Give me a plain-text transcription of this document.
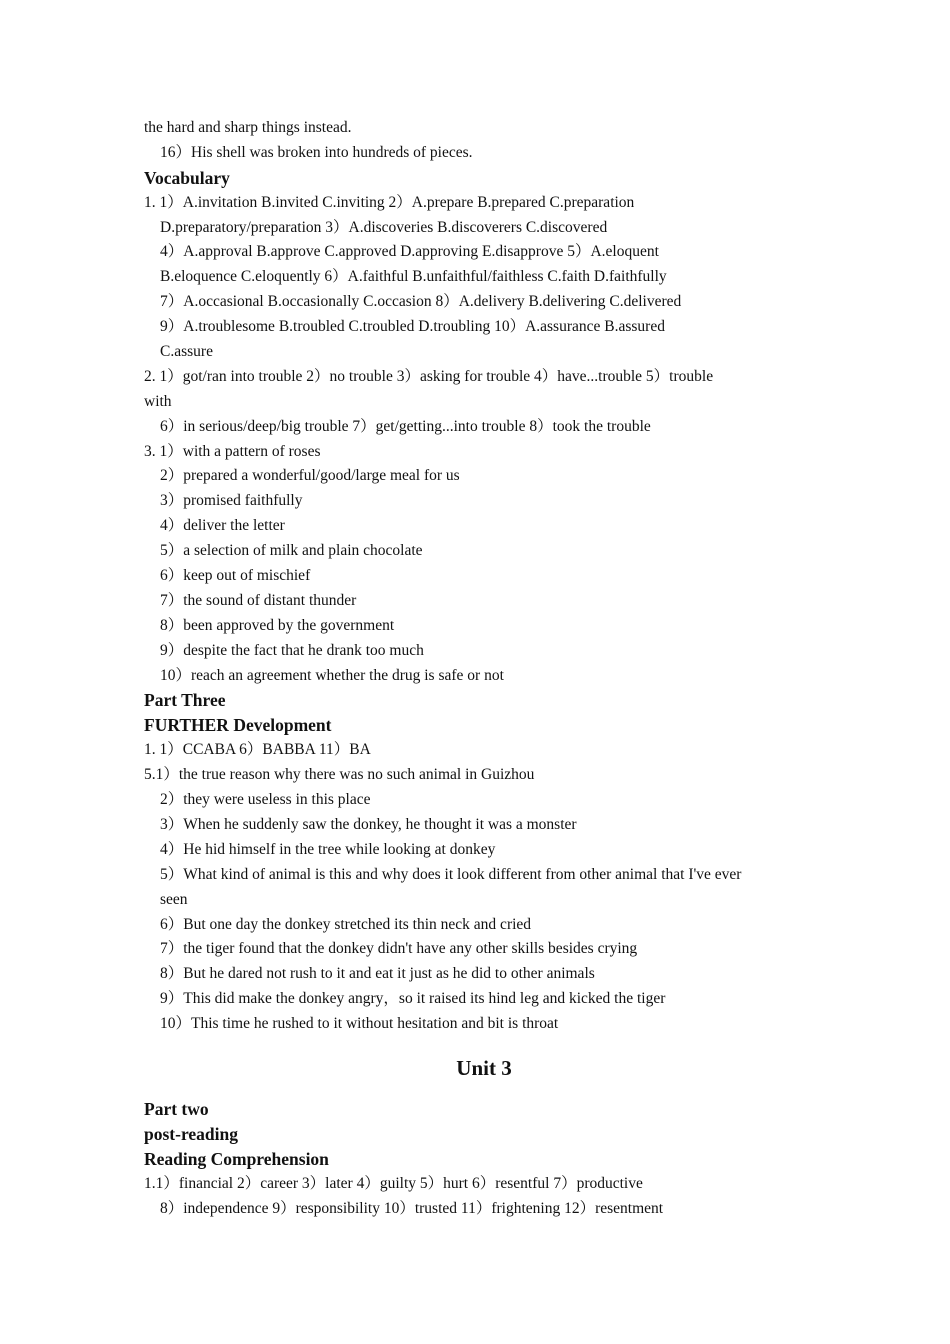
the hard and sharp things instead.
16）His shell was broken into hundreds of pieces.
Vocabulary
1. 1）A.invitation B.invited C.inviting 2）A.prepare B.prepared C.preparation
D.preparatory/preparation 3）A.discoveries B.discoverers C.discovered
4）A.approval B.approve C.approved D.approving E.disapprove 5）A.eloquent
B.eloquence C.eloquently 6）A.faithful B.unfaithful/faithless C.faith D.faithfully
7）A.occasional B.occasionally C.occasion 8）A.delivery B.delivering C.delivered
9）A.troublesome B.troubled C.troubled D.troubling 10）A.assurance B.assured
C.assure
2. 1）got/ran into trouble 2）no trouble 3）asking for trouble 4）have...trouble 5）trouble
with
6）in serious/deep/big trouble 7）get/getting...into trouble 8）took the trouble
3. 1）with a pattern of roses
2）prepared a wonderful/good/large meal for us
3）promised faithfully
4）deliver the letter
5）a selection of milk and plain chocolate
6）keep out of mischief
7）the sound of distant thunder
8）been approved by the government
9）despite the fact that he drank too much
10）reach an agreement whether the drug is safe or not
Part Three
FURTHER Development
1. 1）CCABA 6）BABBA 11）BA
5.1）the true reason why there was no such animal in Guizhou
2）they were useless in this place
3）When he suddenly saw the donkey, he thought it was a monster
4）He hid himself in the tree while looking at donkey
5）What kind of animal is this and why does it look different from other animal that I've ever
seen
6）But one day the donkey stretched its thin neck and cried
7）the tiger found that the donkey didn't have any other skills besides crying
8）But he dared not rush to it and eat it just as he did to other animals
9）This did make the donkey angry，so it raised its hind leg and kicked the tiger
10）This time he rushed to it without hesitation and bit is throat
Unit 3
Part two
post-reading
Reading Comprehension
1.1）financial 2）career 3）later 4）guilty 5）hurt 6）resentful 7）productive
8）independence 9）responsibility 10）trusted 11）frightening 12）resentment
